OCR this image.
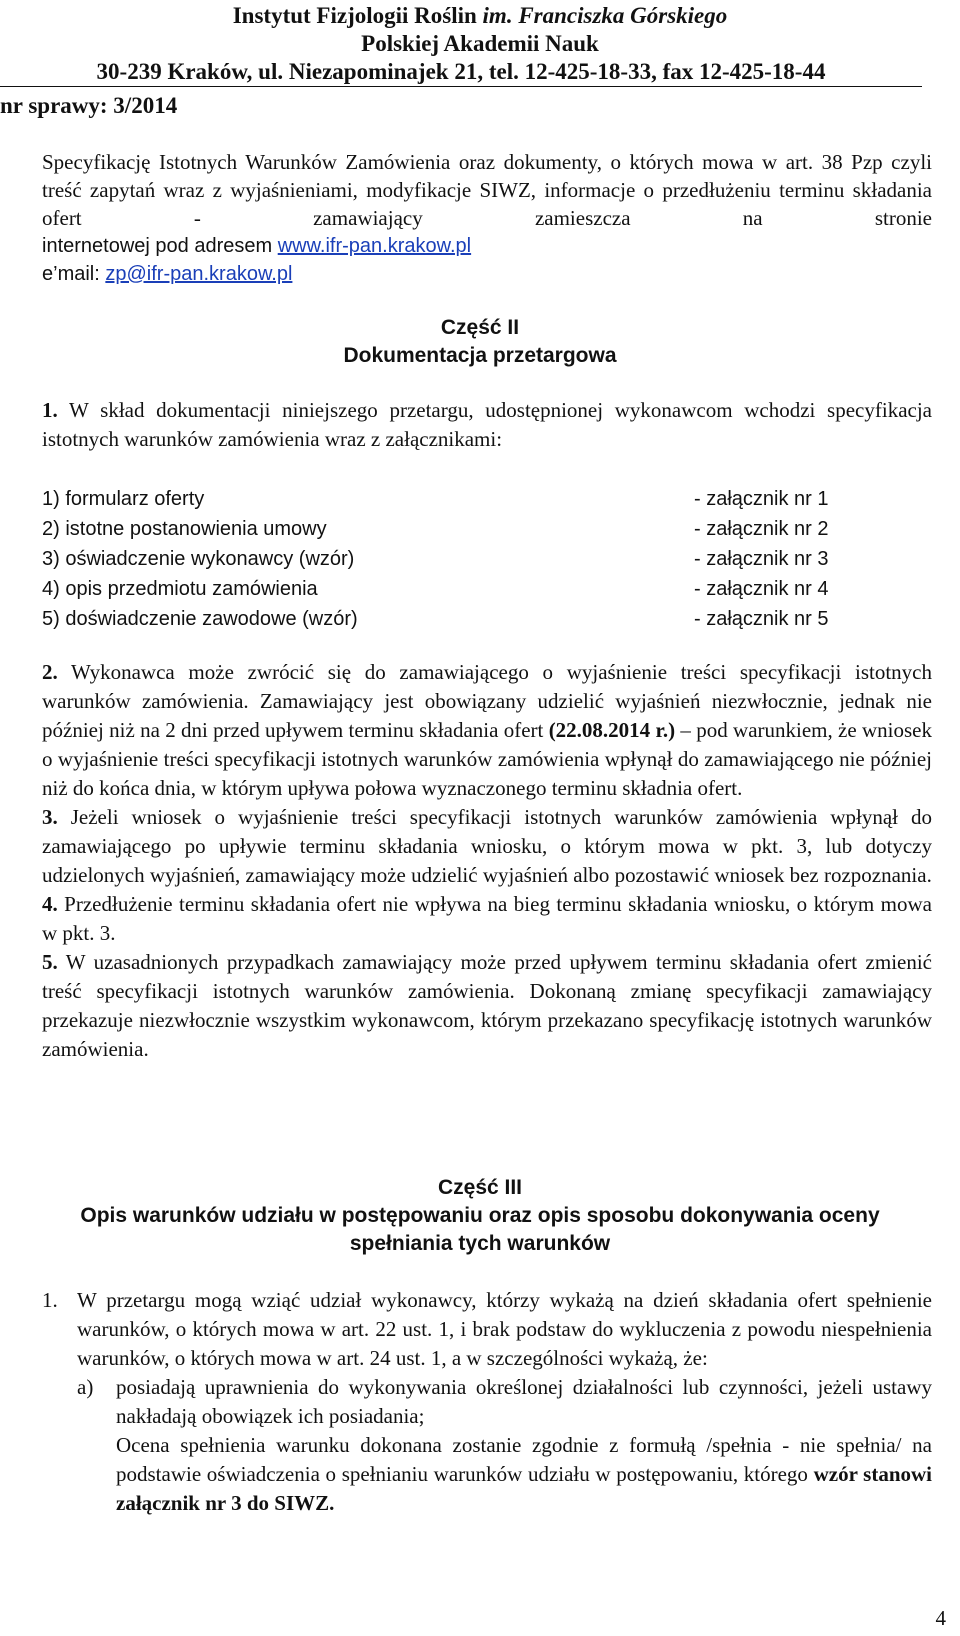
Instytut Fizjologii Roślin im. Franciszka Górskiego
Polskiej Akademii Nauk
30-239 Kraków, ul. Niezapominajek 21, tel. 12-425-18-33, fax 12-425-18-44
nr sprawy: 3/2014

Specyfikację Istotnych Warunków Zamówienia oraz dokumenty, o których mowa w art. 38 Pzp czyli treść zapytań wraz z wyjaśnieniami, modyfikacje SIWZ, informacje o przedłużeniu terminu składania ofert - zamawiający zamieszcza na stronie

internetowej pod adresem www.ifr-pan.krakow.pl

e’mail: zp@ifr-pan.krakow.pl

Część II
Dokumentacja przetargowa

1. W skład dokumentacji niniejszego przetargu, udostępnionej wykonawcom wchodzi specyfikacja istotnych warunków zamówienia wraz z załącznikami:

1) formularz oferty	- załącznik nr 1
2) istotne postanowienia umowy	- załącznik nr 2
3) oświadczenie wykonawcy (wzór)	- załącznik nr 3
4) opis przedmiotu zamówienia	- załącznik nr 4
5) doświadczenie zawodowe (wzór)	- załącznik nr 5

2. Wykonawca może zwrócić się do zamawiającego o wyjaśnienie treści specyfikacji istotnych warunków zamówienia. Zamawiający jest obowiązany udzielić wyjaśnień niezwłocznie, jednak nie później niż na 2 dni przed upływem terminu składania ofert (22.08.2014 r.) – pod warunkiem, że wniosek o wyjaśnienie treści specyfikacji istotnych warunków zamówienia wpłynął do zamawiającego nie później niż do końca dnia, w którym upływa połowa wyznaczonego terminu składnia ofert.

3. Jeżeli wniosek o wyjaśnienie treści specyfikacji istotnych warunków zamówienia wpłynął do zamawiającego po upływie terminu składania wniosku, o którym mowa w pkt. 3, lub dotyczy udzielonych wyjaśnień, zamawiający może udzielić wyjaśnień albo pozostawić wniosek bez rozpoznania.

4. Przedłużenie terminu składania ofert nie wpływa na bieg terminu składania wniosku, o którym mowa w pkt. 3.

5. W uzasadnionych przypadkach zamawiający może przed upływem terminu składania ofert zmienić treść specyfikacji istotnych warunków zamówienia. Dokonaną zmianę specyfikacji zamawiający przekazuje niezwłocznie wszystkim wykonawcom, którym przekazano specyfikację istotnych warunków zamówienia.

Część III
Opis warunków udziału w postępowaniu oraz opis sposobu dokonywania oceny
spełniania tych warunków
1. W przetargu mogą wziąć udział wykonawcy, którzy wykażą na dzień składania ofert spełnienie warunków, o których mowa w art. 22 ust. 1, i brak podstaw do wykluczenia z powodu niespełnienia warunków, o których mowa w art. 24 ust. 1, a w szczególności wykażą, że:

a)	posiadają uprawnienia do wykonywania określonej działalności lub czynności, jeżeli ustawy nakładają obowiązek ich posiadania;

Ocena spełnienia warunku dokonana zostanie zgodnie z formułą /spełnia - nie spełnia/ na podstawie oświadczenia o spełnianiu warunków udziału w postępowaniu, którego wzór stanowi załącznik nr 3 do SIWZ.

4
